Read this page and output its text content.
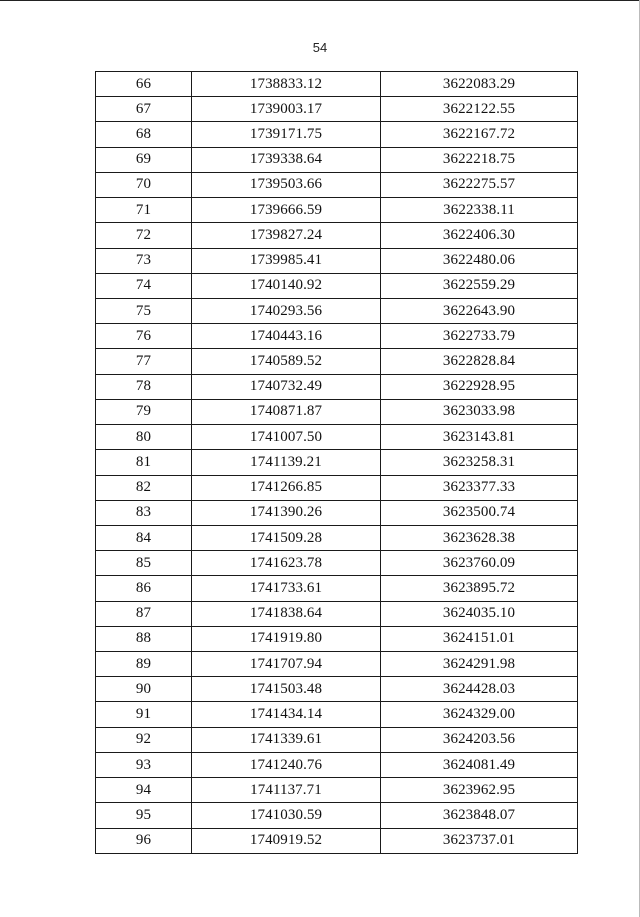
54
66	1738833.12	3622083.29
67	1739003.17	3622122.55
68	1739171.75	3622167.72
69	1739338.64	3622218.75
70	1739503.66	3622275.57
71	1739666.59	3622338.11
72	1739827.24	3622406.30
73	1739985.41	3622480.06
74	1740140.92	3622559.29
75	1740293.56	3622643.90
76	1740443.16	3622733.79
77	1740589.52	3622828.84
78	1740732.49	3622928.95
79	1740871.87	3623033.98
80	1741007.50	3623143.81
81	1741139.21	3623258.31
82	1741266.85	3623377.33
83	1741390.26	3623500.74
84	1741509.28	3623628.38
85	1741623.78	3623760.09
86	1741733.61	3623895.72
87	1741838.64	3624035.10
88	1741919.80	3624151.01
89	1741707.94	3624291.98
90	1741503.48	3624428.03
91	1741434.14	3624329.00
92	1741339.61	3624203.56
93	1741240.76	3624081.49
94	1741137.71	3623962.95
95	1741030.59	3623848.07
96	1740919.52	3623737.01
